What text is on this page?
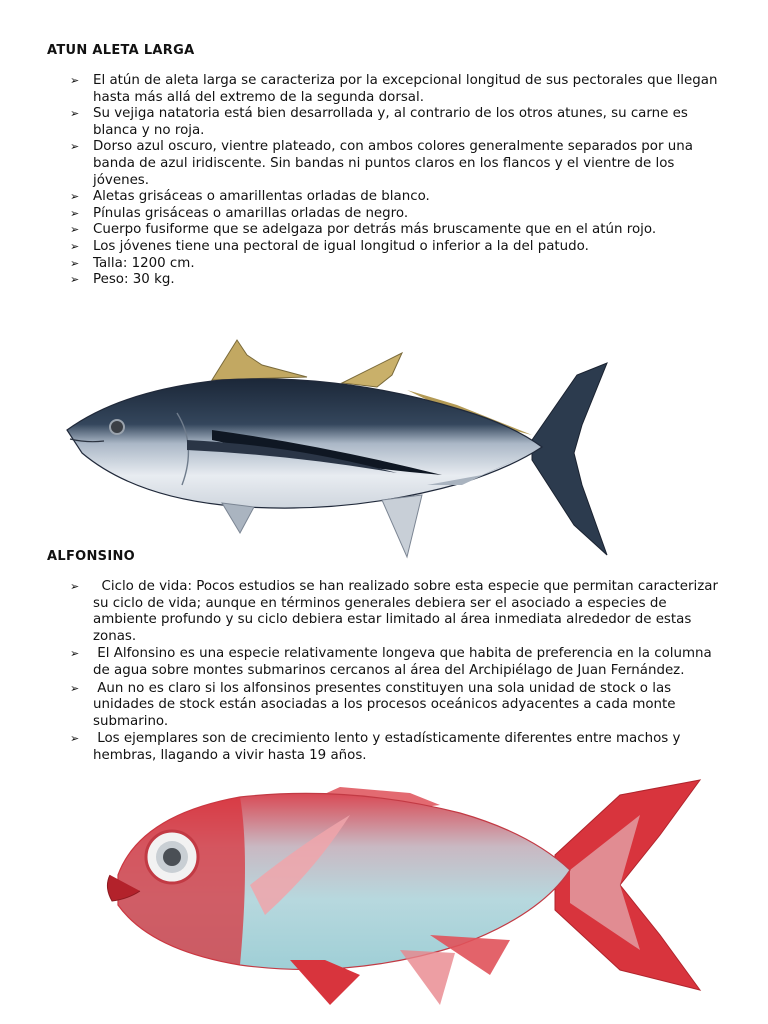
ATUN ALETA LARGA
➢ El atún de aleta larga se caracteriza por la excepcional longitud de sus pectorales que llegan hasta más allá del extremo de la segunda dorsal.
➢ Su vejiga natatoria está bien desarrollada y, al contrario de los otros atunes, su carne es blanca y no roja.
➢ Dorso azul oscuro, vientre plateado, con ambos colores generalmente separados por una banda de azul iridiscente. Sin bandas ni puntos claros en los flancos y el vientre de los jóvenes.
➢ Aletas grisáceas o amarillentas orladas de blanco.
➢ Pínulas grisáceas o amarillas orladas de negro.
➢ Cuerpo fusiforme que se adelgaza por detrás más bruscamente que en el atún rojo.
➢ Los jóvenes tiene una pectoral de igual longitud o inferior a la del patudo.
➢ Talla: 1200 cm.
➢ Peso: 30 kg.
ALFONSINO
➢ Ciclo de vida: Pocos estudios se han realizado sobre esta especie que permitan caracterizar su ciclo de vida; aunque en términos generales debiera ser el asociado a especies de ambiente profundo y su ciclo debiera estar limitado al área inmediata alrededor de estas zonas.
➢ El Alfonsino es una especie relativamente longeva que habita de preferencia en la columna de agua sobre montes submarinos cercanos al área del Archipiélago de Juan Fernández.
➢ Aun no es claro si los alfonsinos presentes constituyen una sola unidad de stock o las unidades de stock están asociadas a los procesos oceánicos adyacentes a cada monte submarino.
➢ Los ejemplares son de crecimiento lento y estadísticamente diferentes entre machos y hembras, llagando a vivir hasta 19 años.
